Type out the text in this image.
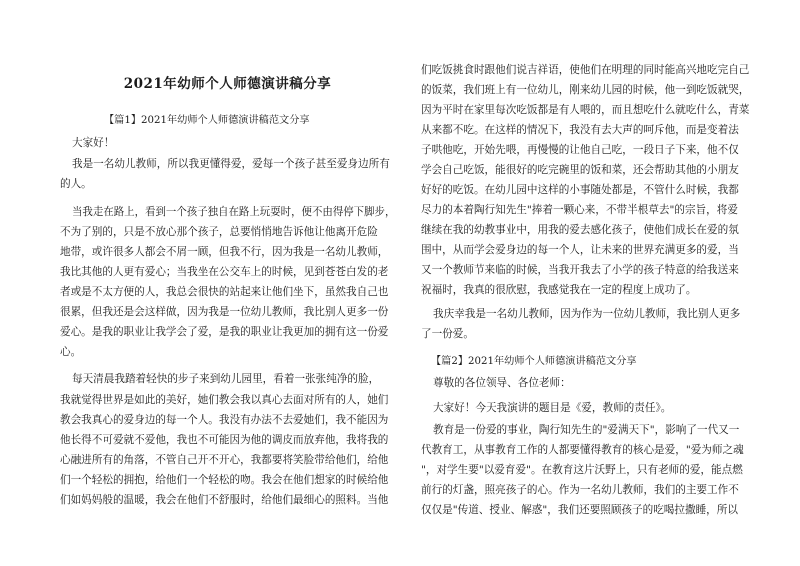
2021年幼师个人师德演讲稿分享
【篇1】2021年幼师个人师德演讲稿范文分享
大家好！
我是一名幼儿教师，所以我更懂得爱，爱每一个孩子甚至爱身边所有
的人。
当我走在路上，看到一个孩子独自在路上玩耍时，便不由得停下脚步，
不为了别的，只是不放心那个孩子，总要悄悄地告诉他让他离开危险
地带，或许很多人都会不屑一顾，但我不行，因为我是一名幼儿教师，
我比其他的人更有爱心；当我坐在公交车上的时候，见到苍苍白发的老
者或是不太方便的人，我总会很快的站起来让他们坐下，虽然我自己也
很累，但我还是会这样做，因为我是一位幼儿教师，我比别人更多一份
爱心。是我的职业让我学会了爱，是我的职业让我更加的拥有这一份爱
心。
每天清晨我踏着轻快的步子来到幼儿园里，看着一张张纯净的脸，
我就觉得世界是如此的美好，她们教会我以真心去面对所有的人，她们
教会我真心的爱身边的每一个人。我没有办法不去爱她们，我不能因为
他长得不可爱就不爱他，我也不可能因为他的调皮而放弃他，我将我的
心融进所有的角落，不管自己开不开心，我都要将笑脸带给他们，给他
们一个轻松的拥抱，给他们一个轻松的吻。我会在他们想家的时候给他
们如妈妈般的温暖，我会在他们不舒服时，给他们最细心的照料。当他
们吃饭挑食时跟他们说吉祥语，使他们在明理的同时能高兴地吃完自己
的饭菜，我们班上有一位幼儿，刚来幼儿园的时候，他一到吃饭就哭，
因为平时在家里每次吃饭都是有人喂的，而且想吃什么就吃什么，青菜
从来都不吃。在这样的情况下，我没有去大声的呵斥他，而是变着法
子哄他吃，开始先喂，再慢慢的让他自己吃，一段日子下来，他不仅
学会自己吃饭，能很好的吃完碗里的饭和菜，还会帮助其他的小朋友
好好的吃饭。在幼儿园中这样的小事随处都是，不管什么时候，我都
尽力的本着陶行知先生"捧着一颗心来，不带半根草去"的宗旨，将爱
继续在我的幼教事业中，用我的爱去感化孩子，使他们成长在爱的氛
围中，从而学会爱身边的每一个人，让未来的世界充满更多的爱，当
又一个教师节来临的时候，当我开我去了小学的孩子特意的给我送来
祝福时，我真的很欣慰，我感觉我在一定的程度上成功了。
我庆幸我是一名幼儿教师，因为作为一位幼儿教师，我比别人更多
了一份爱。
【篇2】2021年幼师个人师德演讲稿范文分享
尊敬的各位领导、各位老师：
大家好！今天我演讲的题目是《爱，教师的责任》。
教育是一份爱的事业，陶行知先生的"爱满天下"，影响了一代又一
代教育工，从事教育工作的人都要懂得教育的核心是爱，"爱为师之魂
"，对学生要"以爱育爱"。在教育这片沃野上，只有老师的爱，能点燃
前行的灯盏，照亮孩子的心。作为一名幼儿教师，我们的主要工作不
仅仅是"传道、授业、解惑"，我们还要照顾孩子的吃喝拉撒睡，所以
